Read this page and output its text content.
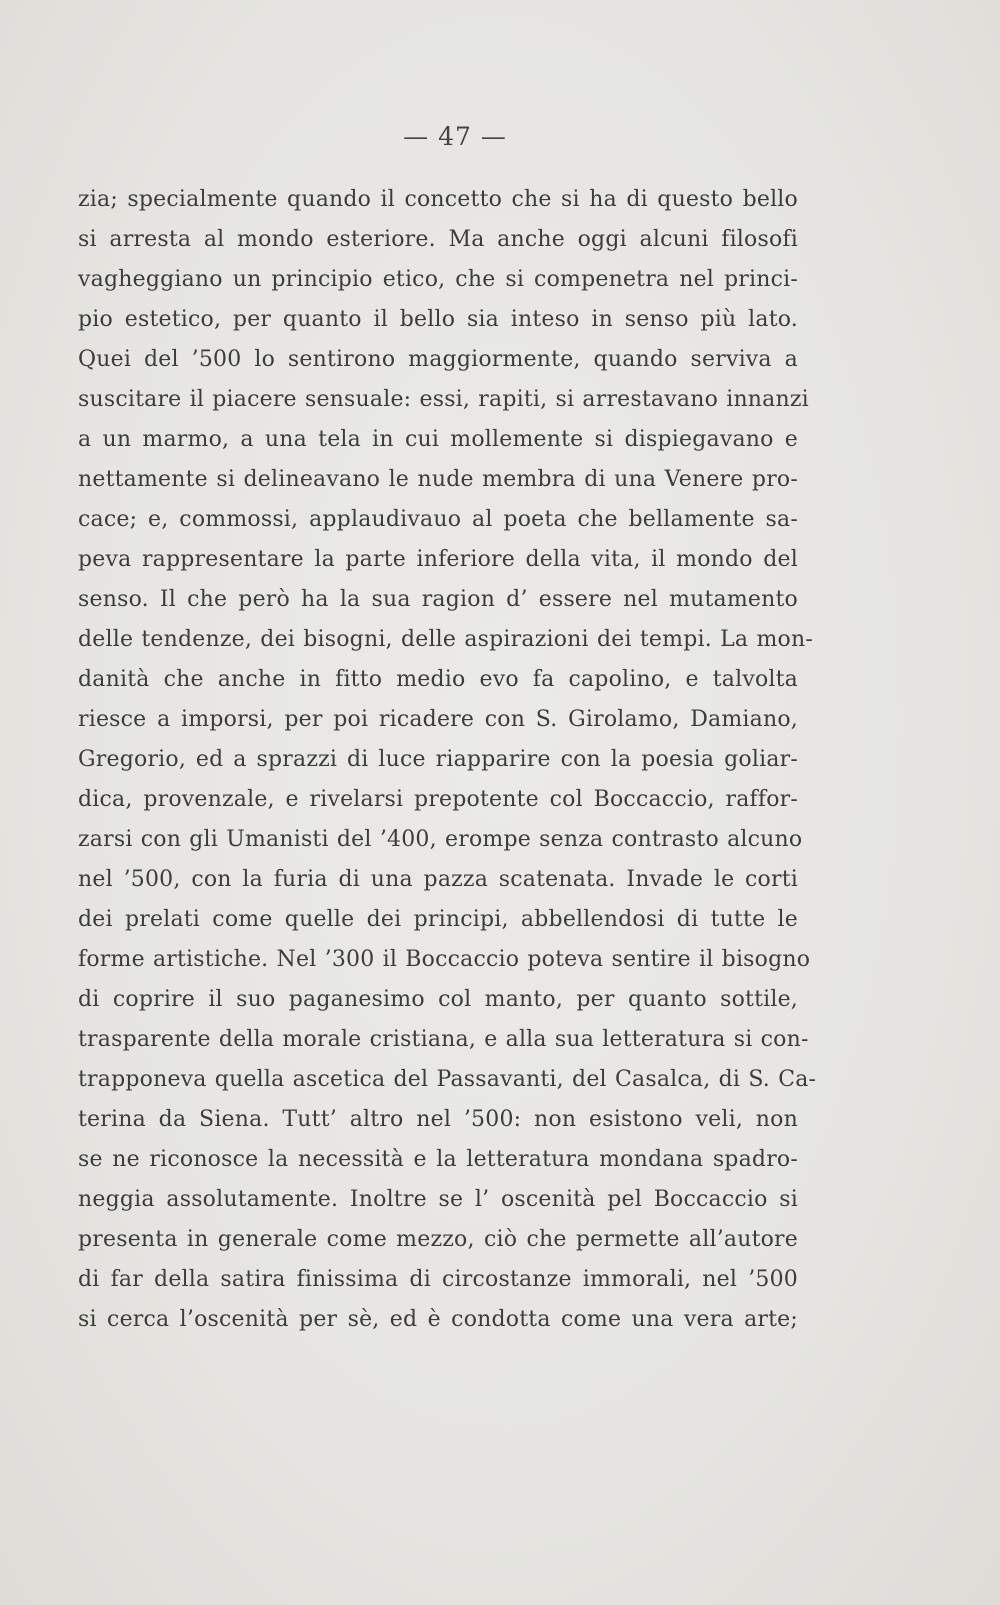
— 47 —
zia; specialmente quando il concetto che si ha di questo bello
si arresta al mondo esteriore. Ma anche oggi alcuni filosofi
vagheggiano un principio etico, che si compenetra nel princi-
pio estetico, per quanto il bello sia inteso in senso più lato.
Quei del ’500 lo sentirono maggiormente, quando serviva a
suscitare il piacere sensuale: essi, rapiti, si arrestavano innanzi
a un marmo, a una tela in cui mollemente si dispiegavano e
nettamente si delineavano le nude membra di una Venere pro-
cace; e, commossi, applaudivauo al poeta che bellamente sa-
peva rappresentare la parte inferiore della vita, il mondo del
senso. Il che però ha la sua ragion d’ essere nel mutamento
delle tendenze, dei bisogni, delle aspirazioni dei tempi. La mon-
danità che anche in fitto medio evo fa capolino, e talvolta
riesce a imporsi, per poi ricadere con S. Girolamo, Damiano,
Gregorio, ed a sprazzi di luce riapparire con la poesia goliar-
dica, provenzale, e rivelarsi prepotente col Boccaccio, raffor-
zarsi con gli Umanisti del ’400, erompe senza contrasto alcuno
nel ’500, con la furia di una pazza scatenata. Invade le corti
dei prelati come quelle dei principi, abbellendosi di tutte le
forme artistiche. Nel ’300 il Boccaccio poteva sentire il bisogno
di coprire il suo paganesimo col manto, per quanto sottile,
trasparente della morale cristiana, e alla sua letteratura si con-
trapponeva quella ascetica del Passavanti, del Casalca, di S. Ca-
terina da Siena. Tutt’ altro nel ’500: non esistono veli, non
se ne riconosce la necessità e la letteratura mondana spadro-
neggia assolutamente. Inoltre se l’ oscenità pel Boccaccio si
presenta in generale come mezzo, ciò che permette all’autore
di far della satira finissima di circostanze immorali, nel ’500
si cerca l’oscenità per sè, ed è condotta come una vera arte;
